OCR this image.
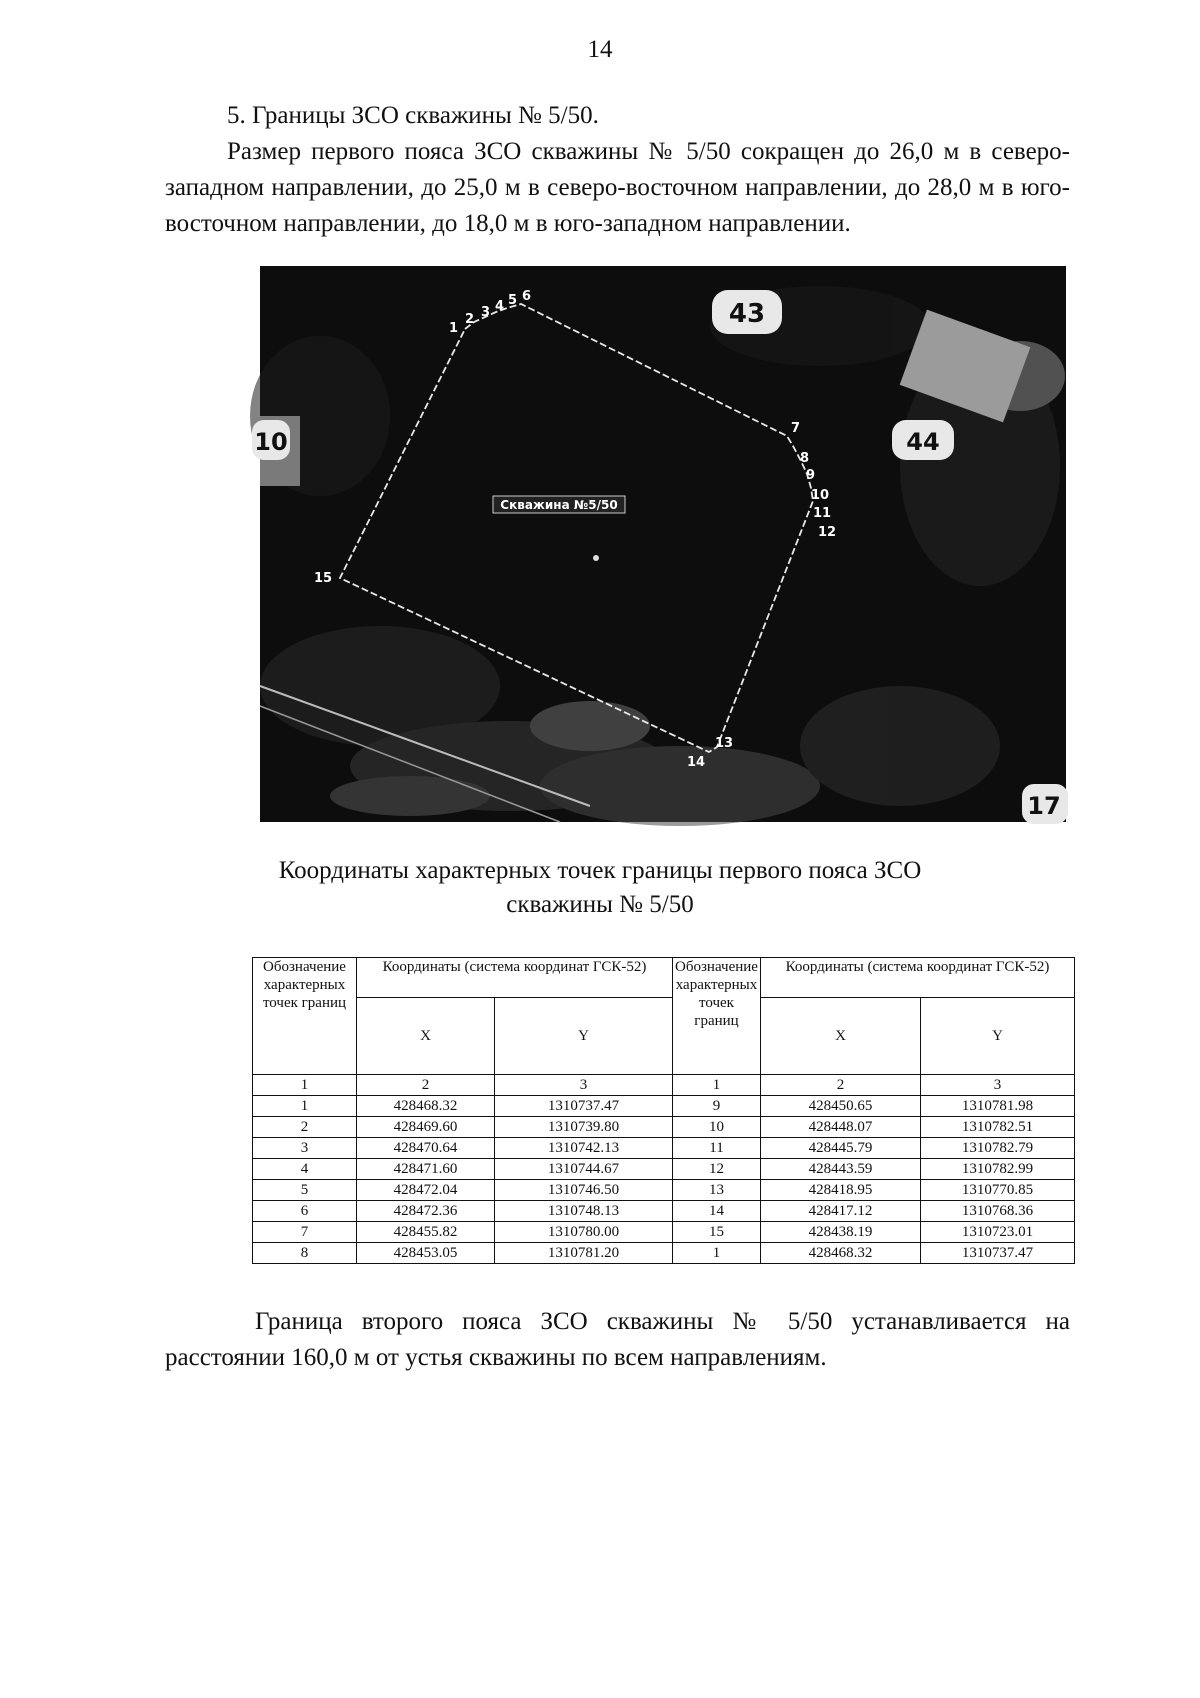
14
5. Границы ЗСО скважины № 5/50.
Размер первого пояса ЗСО скважины № 5/50 сокращен до 26,0 м в северо-западном направлении, до 25,0 м в северо-восточном направлении, до 28,0 м в юго-восточном направлении, до 18,0 м в юго-западном направлении.
Скважина №5/50
1
2 3 4 5 6
7
8
9
10
11
12
13
14
15
43
44
10
17
Координаты характерных точек границы первого пояса ЗСО
скважины № 5/50
Обозначение характерных точек границ	Координаты (система координат ГСК-52)		Обозначение характерных точек границ	Координаты (система координат ГСК-52)	
	X	Y		X	Y
1	2	3	1	2	3
1	428468.32	1310737.47	9	428450.65	1310781.98
2	428469.60	1310739.80	10	428448.07	1310782.51
3	428470.64	1310742.13	11	428445.79	1310782.79
4	428471.60	1310744.67	12	428443.59	1310782.99
5	428472.04	1310746.50	13	428418.95	1310770.85
6	428472.36	1310748.13	14	428417.12	1310768.36
7	428455.82	1310780.00	15	428438.19	1310723.01
8	428453.05	1310781.20	1	428468.32	1310737.47
Граница второго пояса ЗСО скважины № 5/50 устанавливается на расстоянии 160,0 м от устья скважины по всем направлениям.
